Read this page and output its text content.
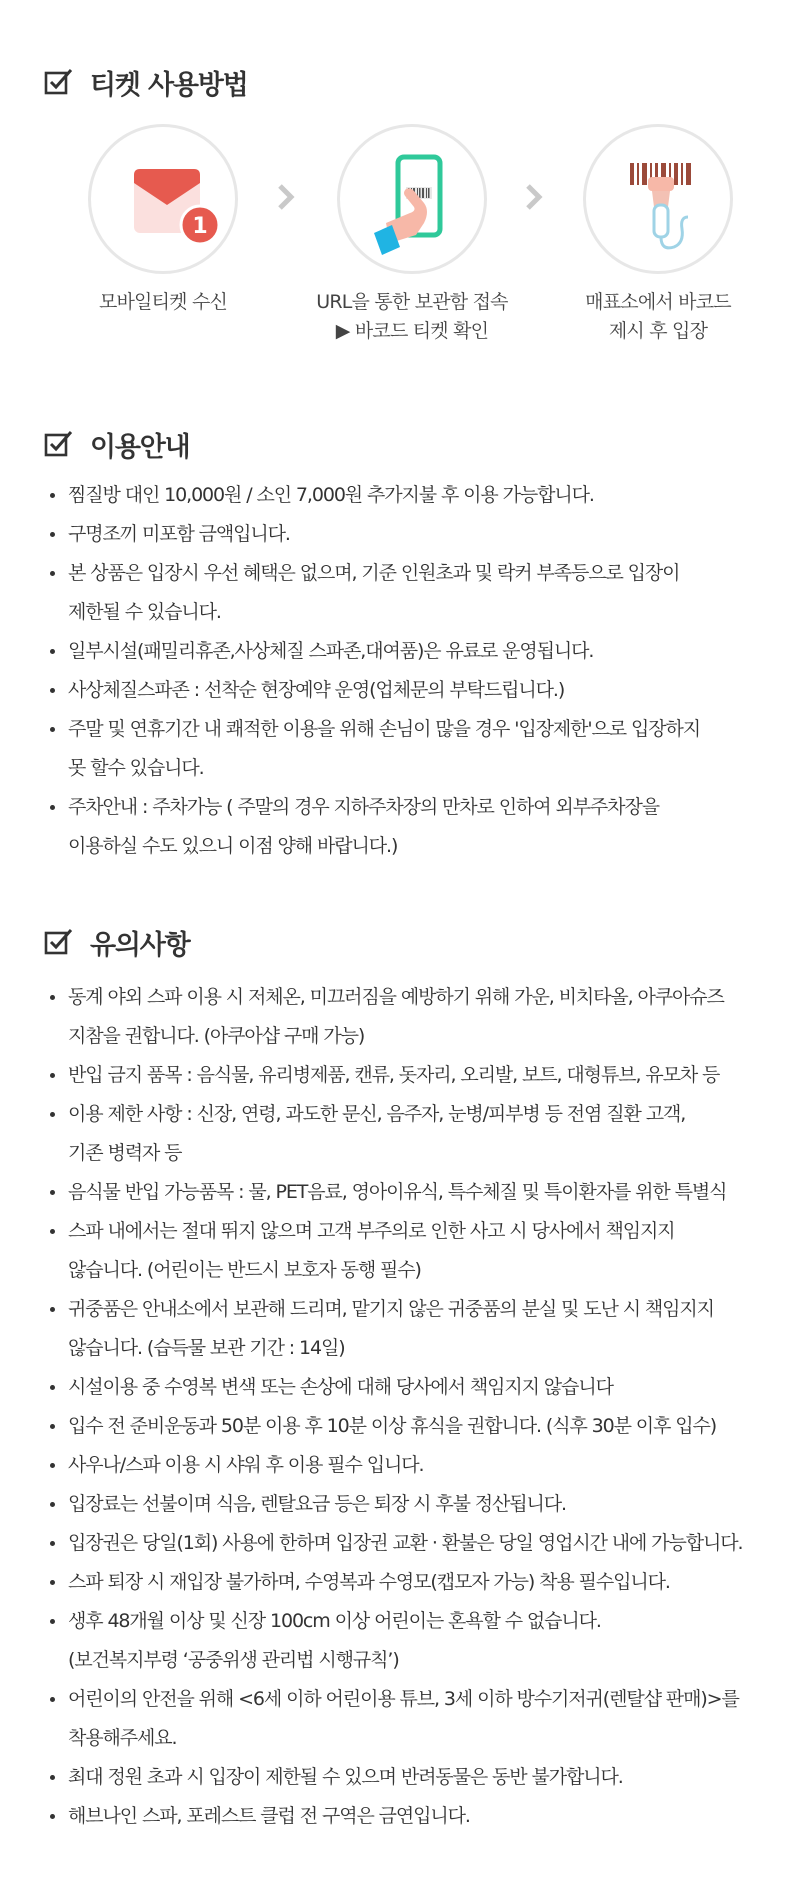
티켓 사용방법
1
모바일티켓 수신	URL을 통한 보관함 접속
▶ 바코드 티켓 확인
매표소에서 바코드
제시 후 입장
이용안내
찜질방 대인 10,000원 / 소인 7,000원 추가지불 후 이용 가능합니다.
구명조끼 미포함 금액입니다.
본 상품은 입장시 우선 혜택은 없으며, 기준 인원초과 및 락커 부족등으로 입장이
제한될 수 있습니다.
일부시설(패밀리휴존,사상체질 스파존,대여품)은 유료로 운영됩니다.
사상체질스파존 : 선착순 현장예약 운영(업체문의 부탁드립니다.)
주말 및 연휴기간 내 쾌적한 이용을 위해 손님이 많을 경우 '입장제한'으로 입장하지
못 할수 있습니다.
주차안내 : 주차가능 ( 주말의 경우 지하주차장의 만차로 인하여 외부주차장을
이용하실 수도 있으니 이점 양해 바랍니다.)
유의사항
동계 야외 스파 이용 시 저체온, 미끄러짐을 예방하기 위해 가운, 비치타올, 아쿠아슈즈
지참을 권합니다. (아쿠아샵 구매 가능)
반입 금지 품목 : 음식물, 유리병제품, 캔류, 돗자리, 오리발, 보트, 대형튜브, 유모차 등
이용 제한 사항 : 신장, 연령, 과도한 문신, 음주자, 눈병/피부병 등 전염 질환 고객,
기존 병력자 등
음식물 반입 가능품목 : 물, PET음료, 영아이유식, 특수체질 및 특이환자를 위한 특별식
스파 내에서는 절대 뛰지 않으며 고객 부주의로 인한 사고 시 당사에서 책임지지
않습니다. (어린이는 반드시 보호자 동행 필수)
귀중품은 안내소에서 보관해 드리며, 맡기지 않은 귀중품의 분실 및 도난 시 책임지지
않습니다. (습득물 보관 기간 : 14일)
시설이용 중 수영복 변색 또는 손상에 대해 당사에서 책임지지 않습니다
입수 전 준비운동과 50분 이용 후 10분 이상 휴식을 권합니다. (식후 30분 이후 입수)
사우나/스파 이용 시 샤워 후 이용 필수 입니다.
입장료는 선불이며 식음, 렌탈요금 등은 퇴장 시 후불 정산됩니다.
입장권은 당일(1회) 사용에 한하며 입장권 교환 · 환불은 당일 영업시간 내에 가능합니다.
스파 퇴장 시 재입장 불가하며, 수영복과 수영모(캡모자 가능) 착용 필수입니다.
생후 48개월 이상 및 신장 100cm 이상 어린이는 혼욕할 수 없습니다.
(보건복지부령 ‘공중위생 관리법 시행규칙’)
어린이의 안전을 위해 <6세 이하 어린이용 튜브, 3세 이하 방수기저귀(렌탈샵 판매)>를
착용해주세요.
최대 정원 초과 시 입장이 제한될 수 있으며 반려동물은 동반 불가합니다.
해브나인 스파, 포레스트 클럽 전 구역은 금연입니다.
